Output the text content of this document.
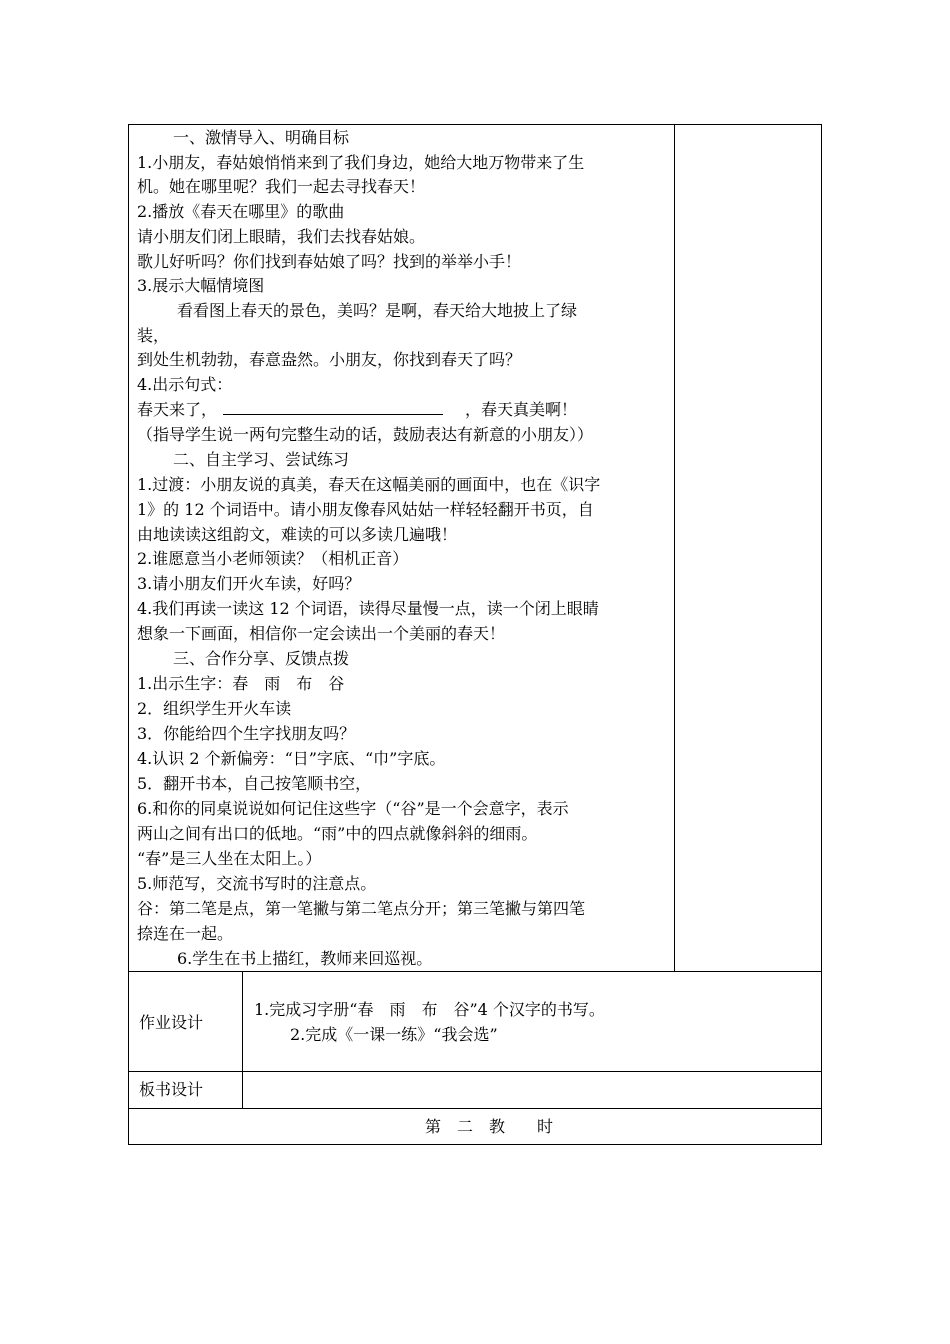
一、激情导入、明确目标
1.小朋友，春姑娘悄悄来到了我们身边，她给大地万物带来了生
机。她在哪里呢？我们一起去寻找春天！
2.播放《春天在哪里》的歌曲
请小朋友们闭上眼睛，我们去找春姑娘。
歌儿好听吗？你们找到春姑娘了吗？找到的举举小手！
3.展示大幅情境图
看看图上春天的景色，美吗？是啊，春天给大地披上了绿
装，
到处生机勃勃，春意盎然。小朋友，你找到春天了吗？
4.出示句式：
春天来了，	，春天真美啊！
（指导学生说一两句完整生动的话，鼓励表达有新意的小朋友））
二、自主学习、尝试练习
1.过渡：小朋友说的真美，春天在这幅美丽的画面中，也在《识字
1》的 12 个词语中。请小朋友像春风姑姑一样轻轻翻开书页，自
由地读读这组韵文，难读的可以多读几遍哦！
2.谁愿意当小老师领读？（相机正音）
3.请小朋友们开火车读，好吗？
4.我们再读一读这 12 个词语，读得尽量慢一点，读一个闭上眼睛
想象一下画面，相信你一定会读出一个美丽的春天！
三、合作分享、反馈点拨
1.出示生字：春　雨　布　谷
2．组织学生开火车读
3．你能给四个生字找朋友吗？
4.认识 2 个新偏旁：“日”字底、“巾”字底。
5．翻开书本，自己按笔顺书空，
6.和你的同桌说说如何记住这些字（“谷”是一个会意字，表示
两山之间有出口的低地。“雨”中的四点就像斜斜的细雨。
“春”是三人坐在太阳上。）
5.师范写，交流书写时的注意点。
谷：第二笔是点，第一笔撇与第二笔点分开；第三笔撇与第四笔
捺连在一起。
6.学生在书上描红，教师来回巡视。
作业设计
1.完成习字册“春　雨　布　谷”4 个汉字的书写。
2.完成《一课一练》“我会选”
板书设计
第　二　教　　时
